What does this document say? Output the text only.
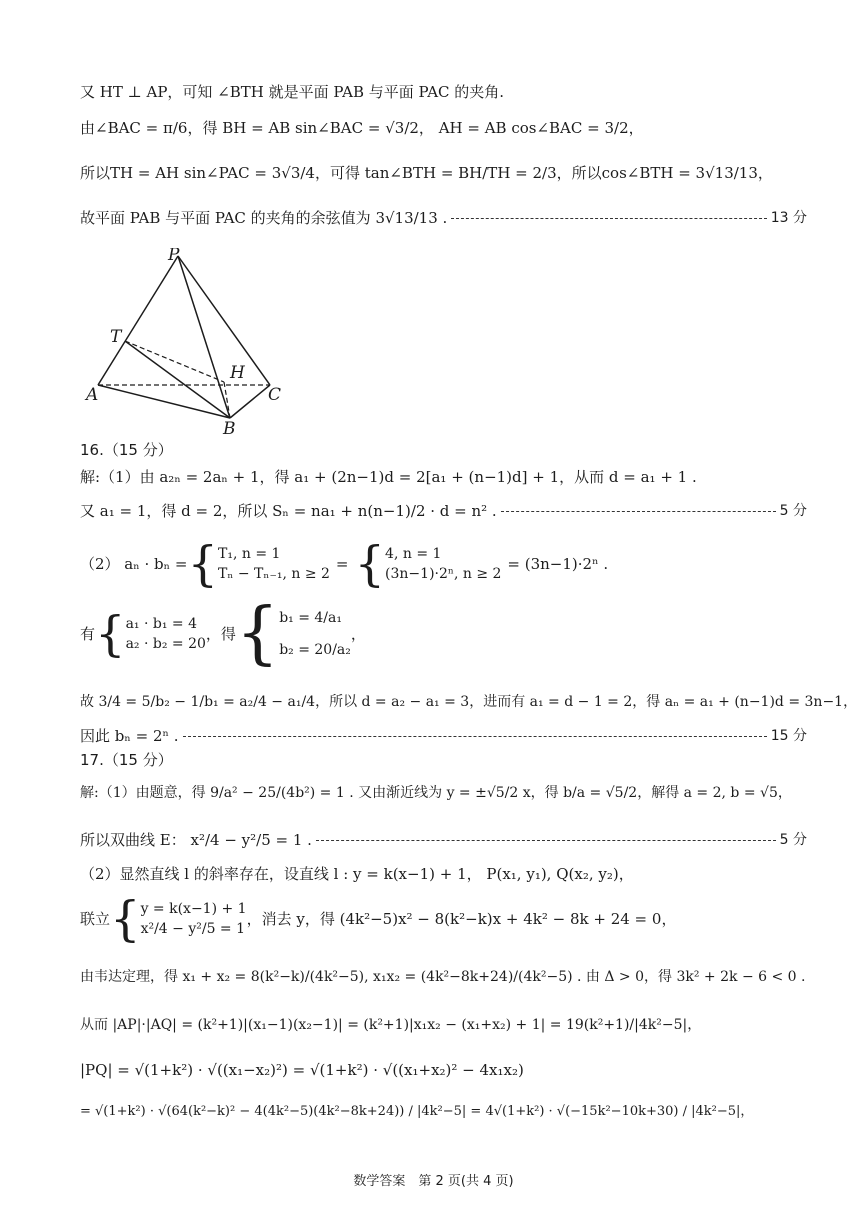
又 HT ⊥ AP，可知 ∠BTH 就是平面 PAB 与平面 PAC 的夹角.
由∠BAC = π/6，得 BH = AB sin∠BAC = √3/2， AH = AB cos∠BAC = 3/2，
所以TH = AH sin∠PAC = 3√3/4，可得 tan∠BTH = BH/TH = 2/3，所以cos∠BTH = 3√13/13，
故平面 PAB 与平面 PAC 的夹角的余弦值为 3√13/13 .	13 分
P
T
H
A	C
B
16.（15 分）
解:（1）由 a₂ₙ = 2aₙ + 1，得 a₁ + (2n−1)d = 2[a₁ + (n−1)d] + 1，从而 d = a₁ + 1 .
又 a₁ = 1，得 d = 2，所以 Sₙ = na₁ + n(n−1)/2 · d = n² .	5 分
（2） aₙ · bₙ = { T₁, n = 1
Tₙ − Tₙ₋₁, n ≥ 2
= { 4, n = 1
(3n−1)·2ⁿ, n ≥ 2
= (3n−1)·2ⁿ .
有 { a₁ · b₁ = 4
a₂ · b₂ = 20
，得 { b₁ = 4/a₁
b₂ = 20/a₂
，
故 3/4 = 5/b₂ − 1/b₁ = a₂/4 − a₁/4，所以 d = a₂ − a₁ = 3，进而有 a₁ = d − 1 = 2，得 aₙ = a₁ + (n−1)d = 3n−1，
因此 bₙ = 2ⁿ .	15 分
17.（15 分）
解:（1）由题意，得 9/a² − 25/(4b²) = 1 . 又由渐近线为 y = ±√5/2 x，得 b/a = √5/2，解得 a = 2, b = √5，
所以双曲线 E： x²/4 − y²/5 = 1 .	5 分
（2）显然直线 l 的斜率存在，设直线 l : y = k(x−1) + 1， P(x₁, y₁), Q(x₂, y₂)，
联立 { y = k(x−1) + 1
x²/4 − y²/5 = 1
，消去 y，得 (4k²−5)x² − 8(k²−k)x + 4k² − 8k + 24 = 0，
由韦达定理，得 x₁ + x₂ = 8(k²−k)/(4k²−5), x₁x₂ = (4k²−8k+24)/(4k²−5) . 由 Δ > 0，得 3k² + 2k − 6 < 0 .
从而 |AP|·|AQ| = (k²+1)|(x₁−1)(x₂−1)| = (k²+1)|x₁x₂ − (x₁+x₂) + 1| = 19(k²+1)/|4k²−5|，
|PQ| = √(1+k²) · √((x₁−x₂)²) = √(1+k²) · √((x₁+x₂)² − 4x₁x₂)
= √(1+k²) · √(64(k²−k)² − 4(4k²−5)(4k²−8k+24)) / |4k²−5| = 4√(1+k²) · √(−15k²−10k+30) / |4k²−5|，
数学答案　第 2 页(共 4 页)
